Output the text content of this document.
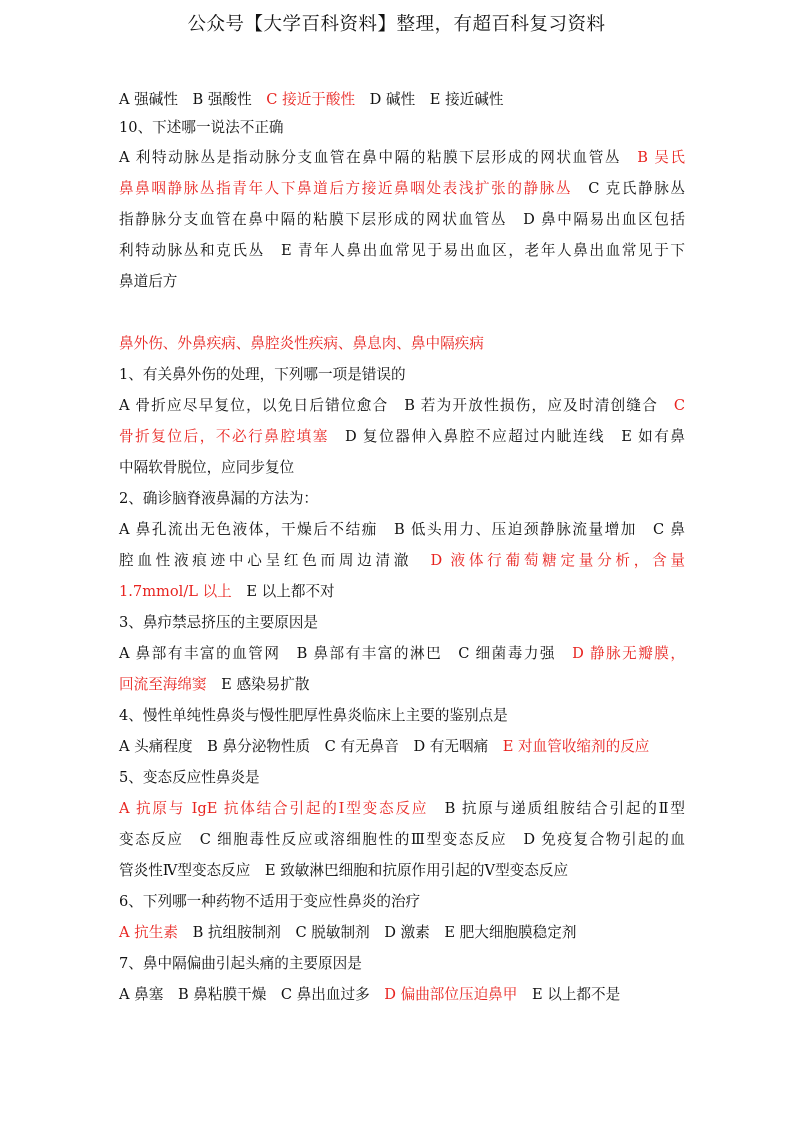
公众号【大学百科资料】整理，有超百科复习资料
A 强碱性　B 强酸性　C 接近于酸性　D 碱性　E 接近碱性
10、下述哪一说法不正确
A 利特动脉丛是指动脉分支血管在鼻中隔的粘膜下层形成的网状血管丛　B 吴氏
鼻鼻咽静脉丛指青年人下鼻道后方接近鼻咽处表浅扩张的静脉丛　C 克氏静脉丛
指静脉分支血管在鼻中隔的粘膜下层形成的网状血管丛　D 鼻中隔易出血区包括
利特动脉丛和克氏丛　E 青年人鼻出血常见于易出血区，老年人鼻出血常见于下
鼻道后方
鼻外伤、外鼻疾病、鼻腔炎性疾病、鼻息肉、鼻中隔疾病
1、有关鼻外伤的处理，下列哪一项是错误的
A 骨折应尽早复位，以免日后错位愈合　B 若为开放性损伤，应及时清创缝合　C
骨折复位后，不必行鼻腔填塞　D 复位器伸入鼻腔不应超过内眦连线　E 如有鼻
中隔软骨脱位，应同步复位
2、确诊脑脊液鼻漏的方法为：
A 鼻孔流出无色液体，干燥后不结痂　B 低头用力、压迫颈静脉流量增加　C 鼻
腔血性液痕迹中心呈红色而周边清澈　D 液体行葡萄糖定量分析，含量
1.7mmol/L 以上　E 以上都不对
3、鼻疖禁忌挤压的主要原因是
A 鼻部有丰富的血管网　B 鼻部有丰富的淋巴　C 细菌毒力强　D 静脉无瓣膜，
回流至海绵窦　E 感染易扩散
4、慢性单纯性鼻炎与慢性肥厚性鼻炎临床上主要的鉴别点是
A 头痛程度　B 鼻分泌物性质　C 有无鼻音　D 有无咽痛　E 对血管收缩剂的反应
5、变态反应性鼻炎是
A 抗原与 IgE 抗体结合引起的Ⅰ型变态反应　B 抗原与递质组胺结合引起的Ⅱ型
变态反应　C 细胞毒性反应或溶细胞性的Ⅲ型变态反应　D 免疫复合物引起的血
管炎性Ⅳ型变态反应　E 致敏淋巴细胞和抗原作用引起的Ⅴ型变态反应
6、下列哪一种药物不适用于变应性鼻炎的治疗
A 抗生素　B 抗组胺制剂　C 脱敏制剂　D 激素　E 肥大细胞膜稳定剂
7、鼻中隔偏曲引起头痛的主要原因是
A 鼻塞　B 鼻粘膜干燥　C 鼻出血过多　D 偏曲部位压迫鼻甲　E 以上都不是
